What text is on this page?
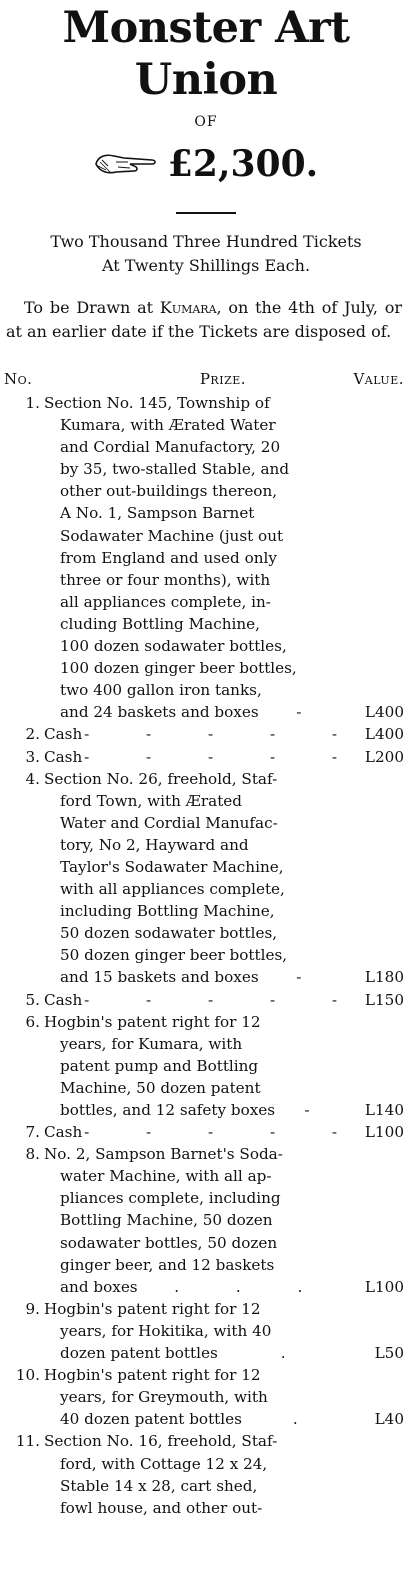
Monster Art Union
OF
£2,300.
Two Thousand Three Hundred Tickets
At Twenty Shillings Each.
To be Drawn at Kumara, on the 4th of July, or at an earlier date if the Tickets are disposed of.
No.	Prize.	Value.
1. Section No. 145, Township of
Kumara, with Ærated Water
and Cordial Manufactory, 20
by 35, two-stalled Stable, and
other out-buildings thereon,
A No. 1, Sampson Barnet
Sodawater Machine (just out
from England and used only
three or four months), with
all appliances complete, in-
cluding Bottling Machine,
100 dozen sodawater bottles,
100 dozen ginger beer bottles,
two 400 gallon iron tanks,
and 24 baskets and boxes	-	L400
2. Cash - - - - - L400
3. Cash - - - - - L200
4. Section No. 26, freehold, Staf-
ford Town, with Ærated
Water and Cordial Manufac-
tory, No 2, Hayward and
Taylor's Sodawater Machine,
with all appliances complete,
including Bottling Machine,
50 dozen sodawater bottles,
50 dozen ginger beer bottles,
and 15 baskets and boxes	-	L180
5. Cash - - - - - L150
6. Hogbin's patent right for 12
years, for Kumara, with
patent pump and Bottling
Machine, 50 dozen patent
bottles, and 12 safety boxes	-	L140
7. Cash - - - - - L100
8. No. 2, Sampson Barnet's Soda-
water Machine, with all ap-
pliances complete, including
Bottling Machine, 50 dozen
sodawater bottles, 50 dozen
ginger beer, and 12 baskets
and boxes	. . .	L100
9. Hogbin's patent right for 12
years, for Hokitika, with 40
dozen patent bottles	.	L50
10. Hogbin's patent right for 12
years, for Greymouth, with
40 dozen patent bottles	.	L40
11. Section No. 16, freehold, Staf-
ford, with Cottage 12 x 24,
Stable 14 x 28, cart shed,
fowl house, and other out-
